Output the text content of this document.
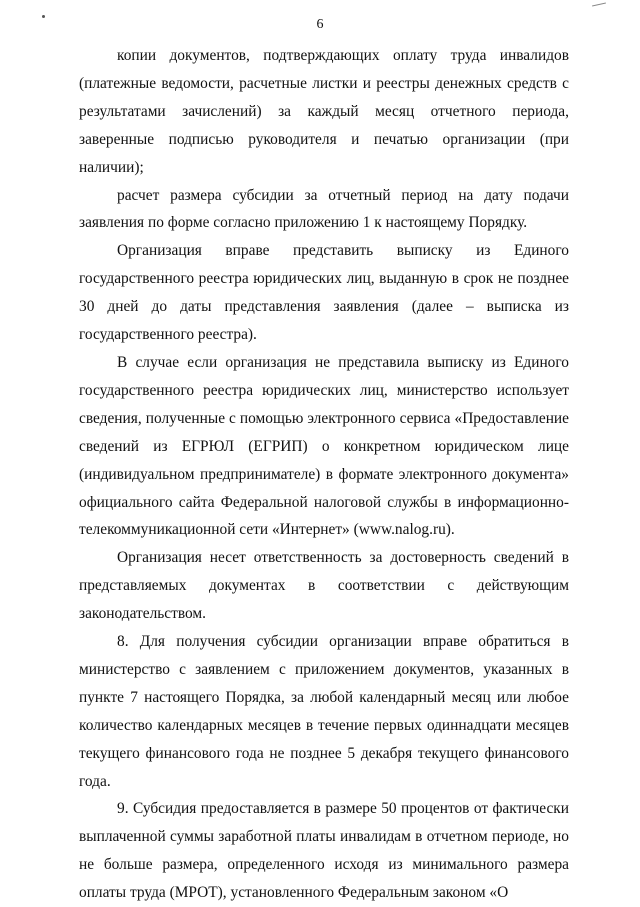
6

копии документов, подтверждающих оплату труда инвалидов (платежные ведомости, расчетные листки и реестры денежных средств с результатами зачислений) за каждый месяц отчетного периода, заверенные подписью руководителя и печатью организации (при наличии);

расчет размера субсидии за отчетный период на дату подачи заявления по форме согласно приложению 1 к настоящему Порядку.

Организация вправе представить выписку из Единого государственного реестра юридических лиц, выданную в срок не позднее 30 дней до даты представления заявления (далее – выписка из государственного реестра).

В случае если организация не представила выписку из Единого государственного реестра юридических лиц, министерство использует сведения, полученные с помощью электронного сервиса «Предоставление сведений из ЕГРЮЛ (ЕГРИП) о конкретном юридическом лице (индивидуальном предпринимателе) в формате электронного документа» официального сайта Федеральной налоговой службы в информационно-телекоммуникационной сети «Интернет» (www.nalog.ru).

Организация несет ответственность за достоверность сведений в представляемых документах в соответствии с действующим законодательством.

8. Для получения субсидии организации вправе обратиться в министерство с заявлением с приложением документов, указанных в пункте 7 настоящего Порядка, за любой календарный месяц или любое количество календарных месяцев в течение первых одиннадцати месяцев текущего финансового года не позднее 5 декабря текущего финансового года.

9. Субсидия предоставляется в размере 50 процентов от фактически выплаченной суммы заработной платы инвалидам в отчетном периоде, но не больше размера, определенного исходя из минимального размера оплаты труда (МРОТ), установленного Федеральным законом «О
